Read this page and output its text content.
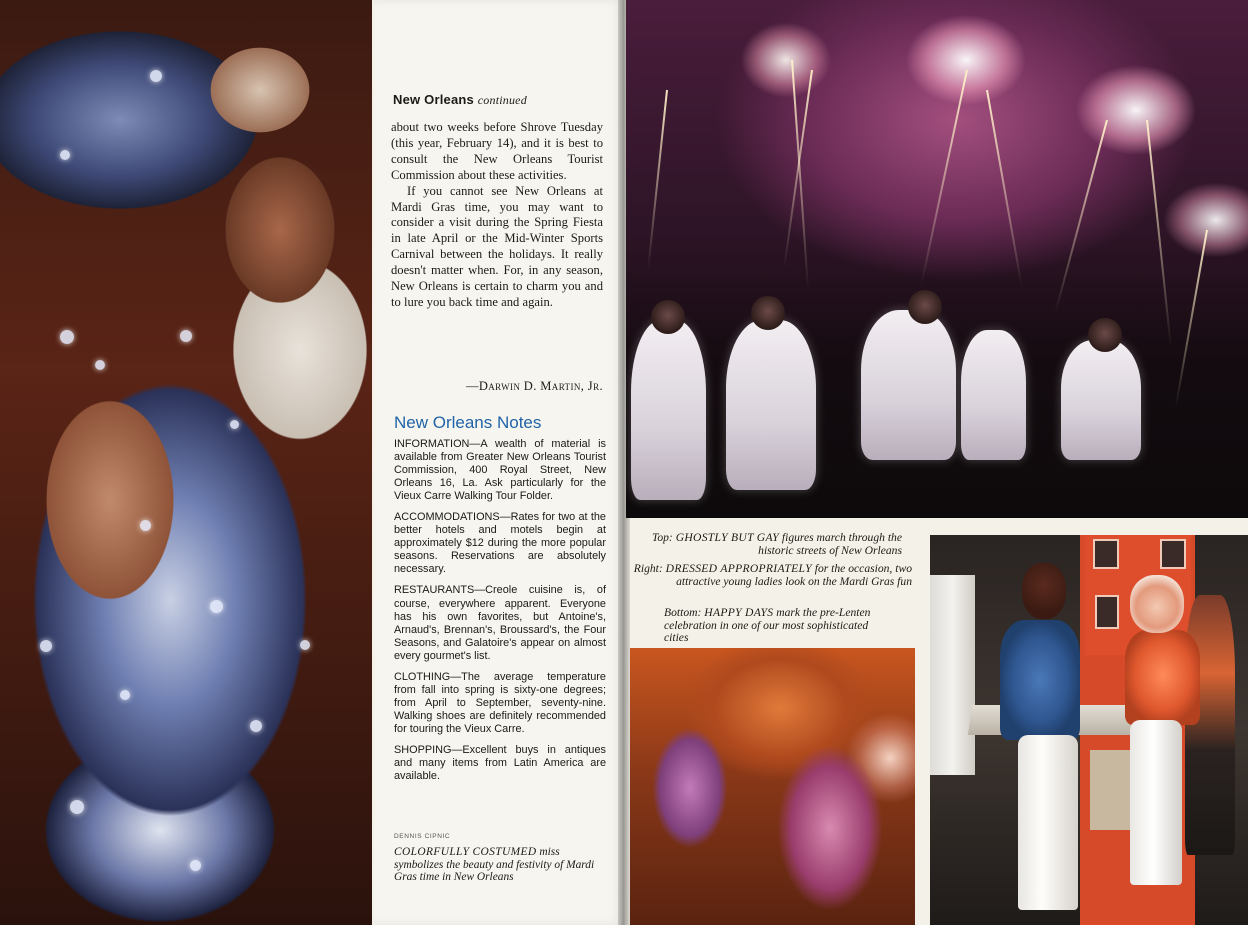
New Orleans continued

about two weeks before Shrove Tuesday (this year, February 14), and it is best to consult the New Orleans Tourist Commission about these activities.

If you cannot see New Orleans at Mardi Gras time, you may want to consider a visit during the Spring Fiesta in late April or the Mid-Winter Sports Carnival between the holidays. It really doesn't matter when. For, in any season, New Orleans is certain to charm you and to lure you back time and again.

—Darwin D. Martin, Jr.
New Orleans Notes

INFORMATION—A wealth of material is available from Greater New Orleans Tourist Commission, 400 Royal Street, New Orleans 16, La. Ask particularly for the Vieux Carre Walking Tour Folder.

ACCOMMODATIONS—Rates for two at the better hotels and motels begin at approximately $12 during the more popular seasons. Reservations are absolutely necessary.

RESTAURANTS—Creole cuisine is, of course, everywhere apparent. Everyone has his own favorites, but Antoine's, Arnaud's, Brennan's, Broussard's, the Four Seasons, and Galatoire's appear on almost every gourmet's list.

CLOTHING—The average temperature from fall into spring is sixty-one degrees; from April to September, seventy-nine. Walking shoes are definitely recommended for touring the Vieux Carre.

SHOPPING—Excellent buys in antiques and many items from Latin America are available.

DENNIS CIPNIC
COLORFULLY COSTUMED miss symbolizes the beauty and festivity of Mardi Gras time in New Orleans
Top: GHOSTLY BUT GAY figures march through the historic streets of New Orleans
Right: DRESSED APPROPRIATELY for the occasion, two attractive young ladies look on the Mardi Gras fun
Bottom: HAPPY DAYS mark the pre-Lenten celebration in one of our most sophisticated cities
